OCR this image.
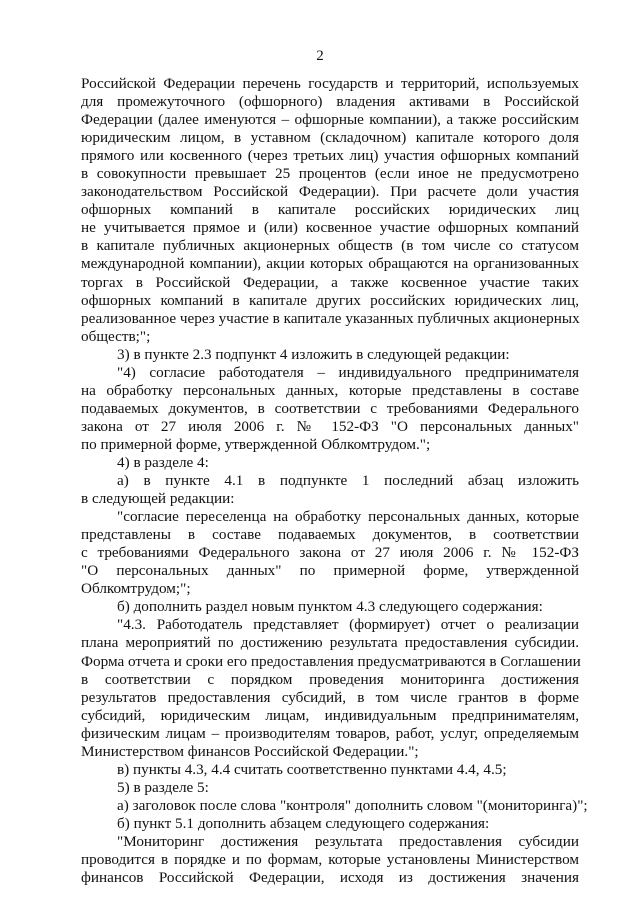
2
Российской Федерации перечень государств и территорий, используемых
для промежуточного (офшорного) владения активами в Российской
Федерации (далее именуются – офшорные компании), а также российским
юридическим лицом, в уставном (складочном) капитале которого доля
прямого или косвенного (через третьих лиц) участия офшорных компаний
в совокупности превышает 25 процентов (если иное не предусмотрено
законодательством Российской Федерации). При расчете доли участия
офшорных компаний в капитале российских юридических лиц
не учитывается прямое и (или) косвенное участие офшорных компаний
в капитале публичных акционерных обществ (в том числе со статусом
международной компании), акции которых обращаются на организованных
торгах в Российской Федерации, а также косвенное участие таких
офшорных компаний в капитале других российских юридических лиц,
реализованное через участие в капитале указанных публичных акционерных
обществ;";
3) в пункте 2.3 подпункт 4 изложить в следующей редакции:
"4) согласие работодателя – индивидуального предпринимателя
на обработку персональных данных, которые представлены в составе
подаваемых документов, в соответствии с требованиями Федерального
закона от 27 июля 2006 г. № 152-ФЗ "О персональных данных"
по примерной форме, утвержденной Облкомтрудом.";
4) в разделе 4:
а) в пункте 4.1 в подпункте 1 последний абзац изложить
в следующей редакции:
"согласие переселенца на обработку персональных данных, которые
представлены в составе подаваемых документов, в соответствии
с требованиями Федерального закона от 27 июля 2006 г. № 152-ФЗ
"О персональных данных" по примерной форме, утвержденной
Облкомтрудом;";
б) дополнить раздел новым пунктом 4.3 следующего содержания:
"4.3. Работодатель представляет (формирует) отчет о реализации
плана мероприятий по достижению результата предоставления субсидии.
Форма отчета и сроки его предоставления предусматриваются в Соглашении
в соответствии с порядком проведения мониторинга достижения
результатов предоставления субсидий, в том числе грантов в форме
субсидий, юридическим лицам, индивидуальным предпринимателям,
физическим лицам – производителям товаров, работ, услуг, определяемым
Министерством финансов Российской Федерации.";
в) пункты 4.3, 4.4 считать соответственно пунктами 4.4, 4.5;
5) в разделе 5:
а) заголовок после слова "контроля" дополнить словом "(мониторинга)";
б) пункт 5.1 дополнить абзацем следующего содержания:
"Мониторинг достижения результата предоставления субсидии
проводится в порядке и по формам, которые установлены Министерством
финансов Российской Федерации, исходя из достижения значения
